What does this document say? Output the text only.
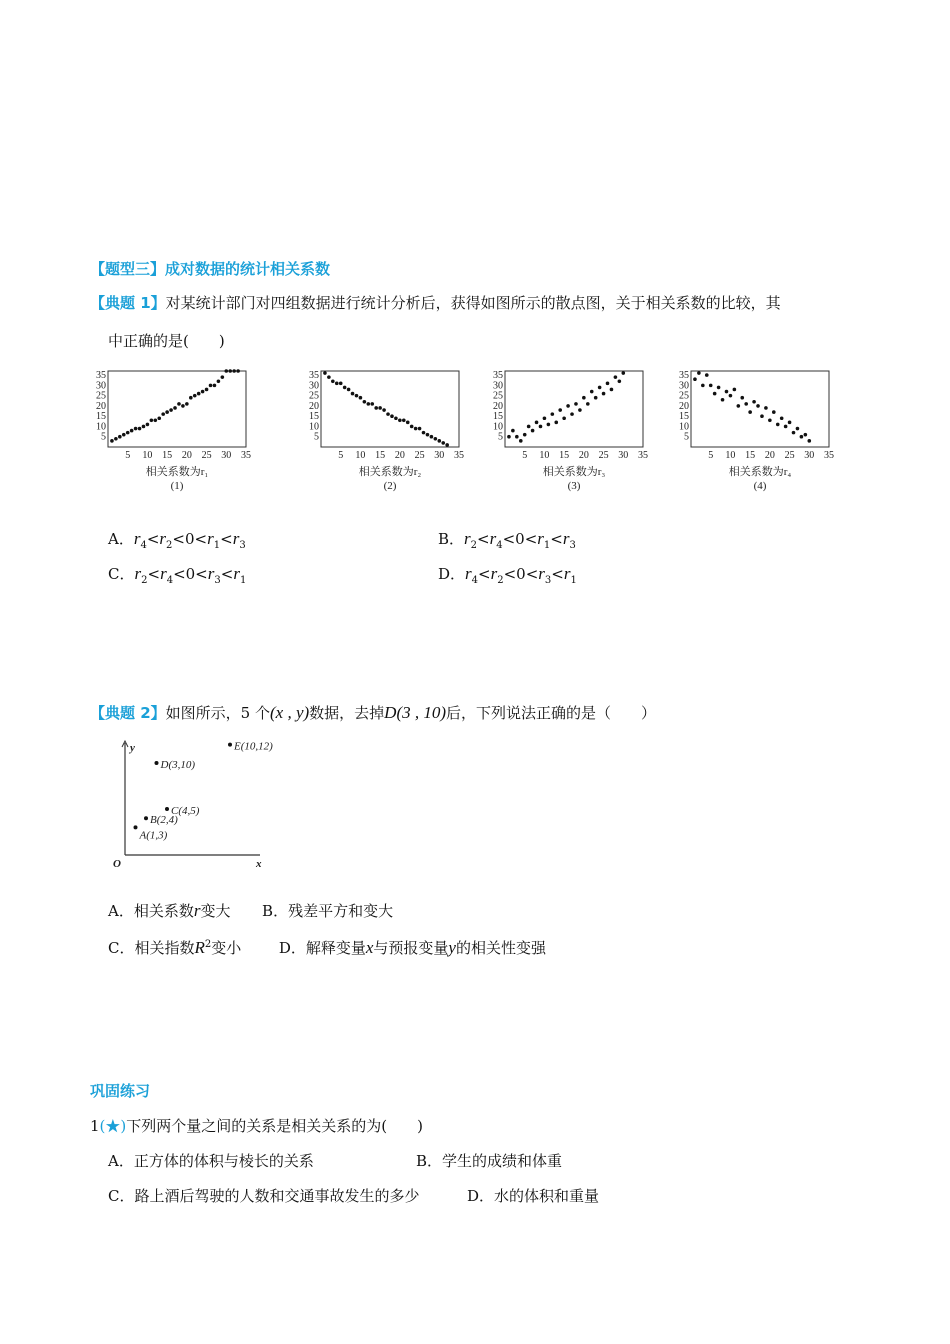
【题型三】成对数据的统计相关系数
【典题 1】对某统计部门对四组数据进行统计分析后，获得如图所示的散点图，关于相关系数的比较，其
中正确的是(　　)
5
10
15
20
25
30
35
5 10 15 20 25 30 35
相关系数为r₁
(1)
5
10
15
20
25
30
35
5 10 15 20 25 30 35
相关系数为r₂
(2)
5
10
15
20
25
30
35
5 10 15 20 25 30 35
相关系数为r₃
(3)
5
10
15
20
25
30
35
5 10 15 20 25 30 35
相关系数为r₄
(4)
A．$r_4<r_2<0<r_1<r_3$	B．$r_2<r_4<0<r_1<r_3$
C．$r_2<r_4<0<r_3<r_1$	D．$r_4<r_2<0<r_3<r_1$
【典题 2】如图所示，5 个(x , y)数据，去掉D(3 , 10)后，下列说法正确的是（　　）
y
x
O
A(1,3)
B(2,4)
C(4,5)
D(3,10)
E(10,12)
A．相关系数r变大 B．残差平方和变大
C．相关指数$R^2$变小	D．解释变量x与预报变量y的相关性变强
巩固练习
1(★)下列两个量之间的关系是相关关系的为(　　)
A．正方体的体积与棱长的关系	B．学生的成绩和体重
C．路上酒后驾驶的人数和交通事故发生的多少	D．水的体积和重量
